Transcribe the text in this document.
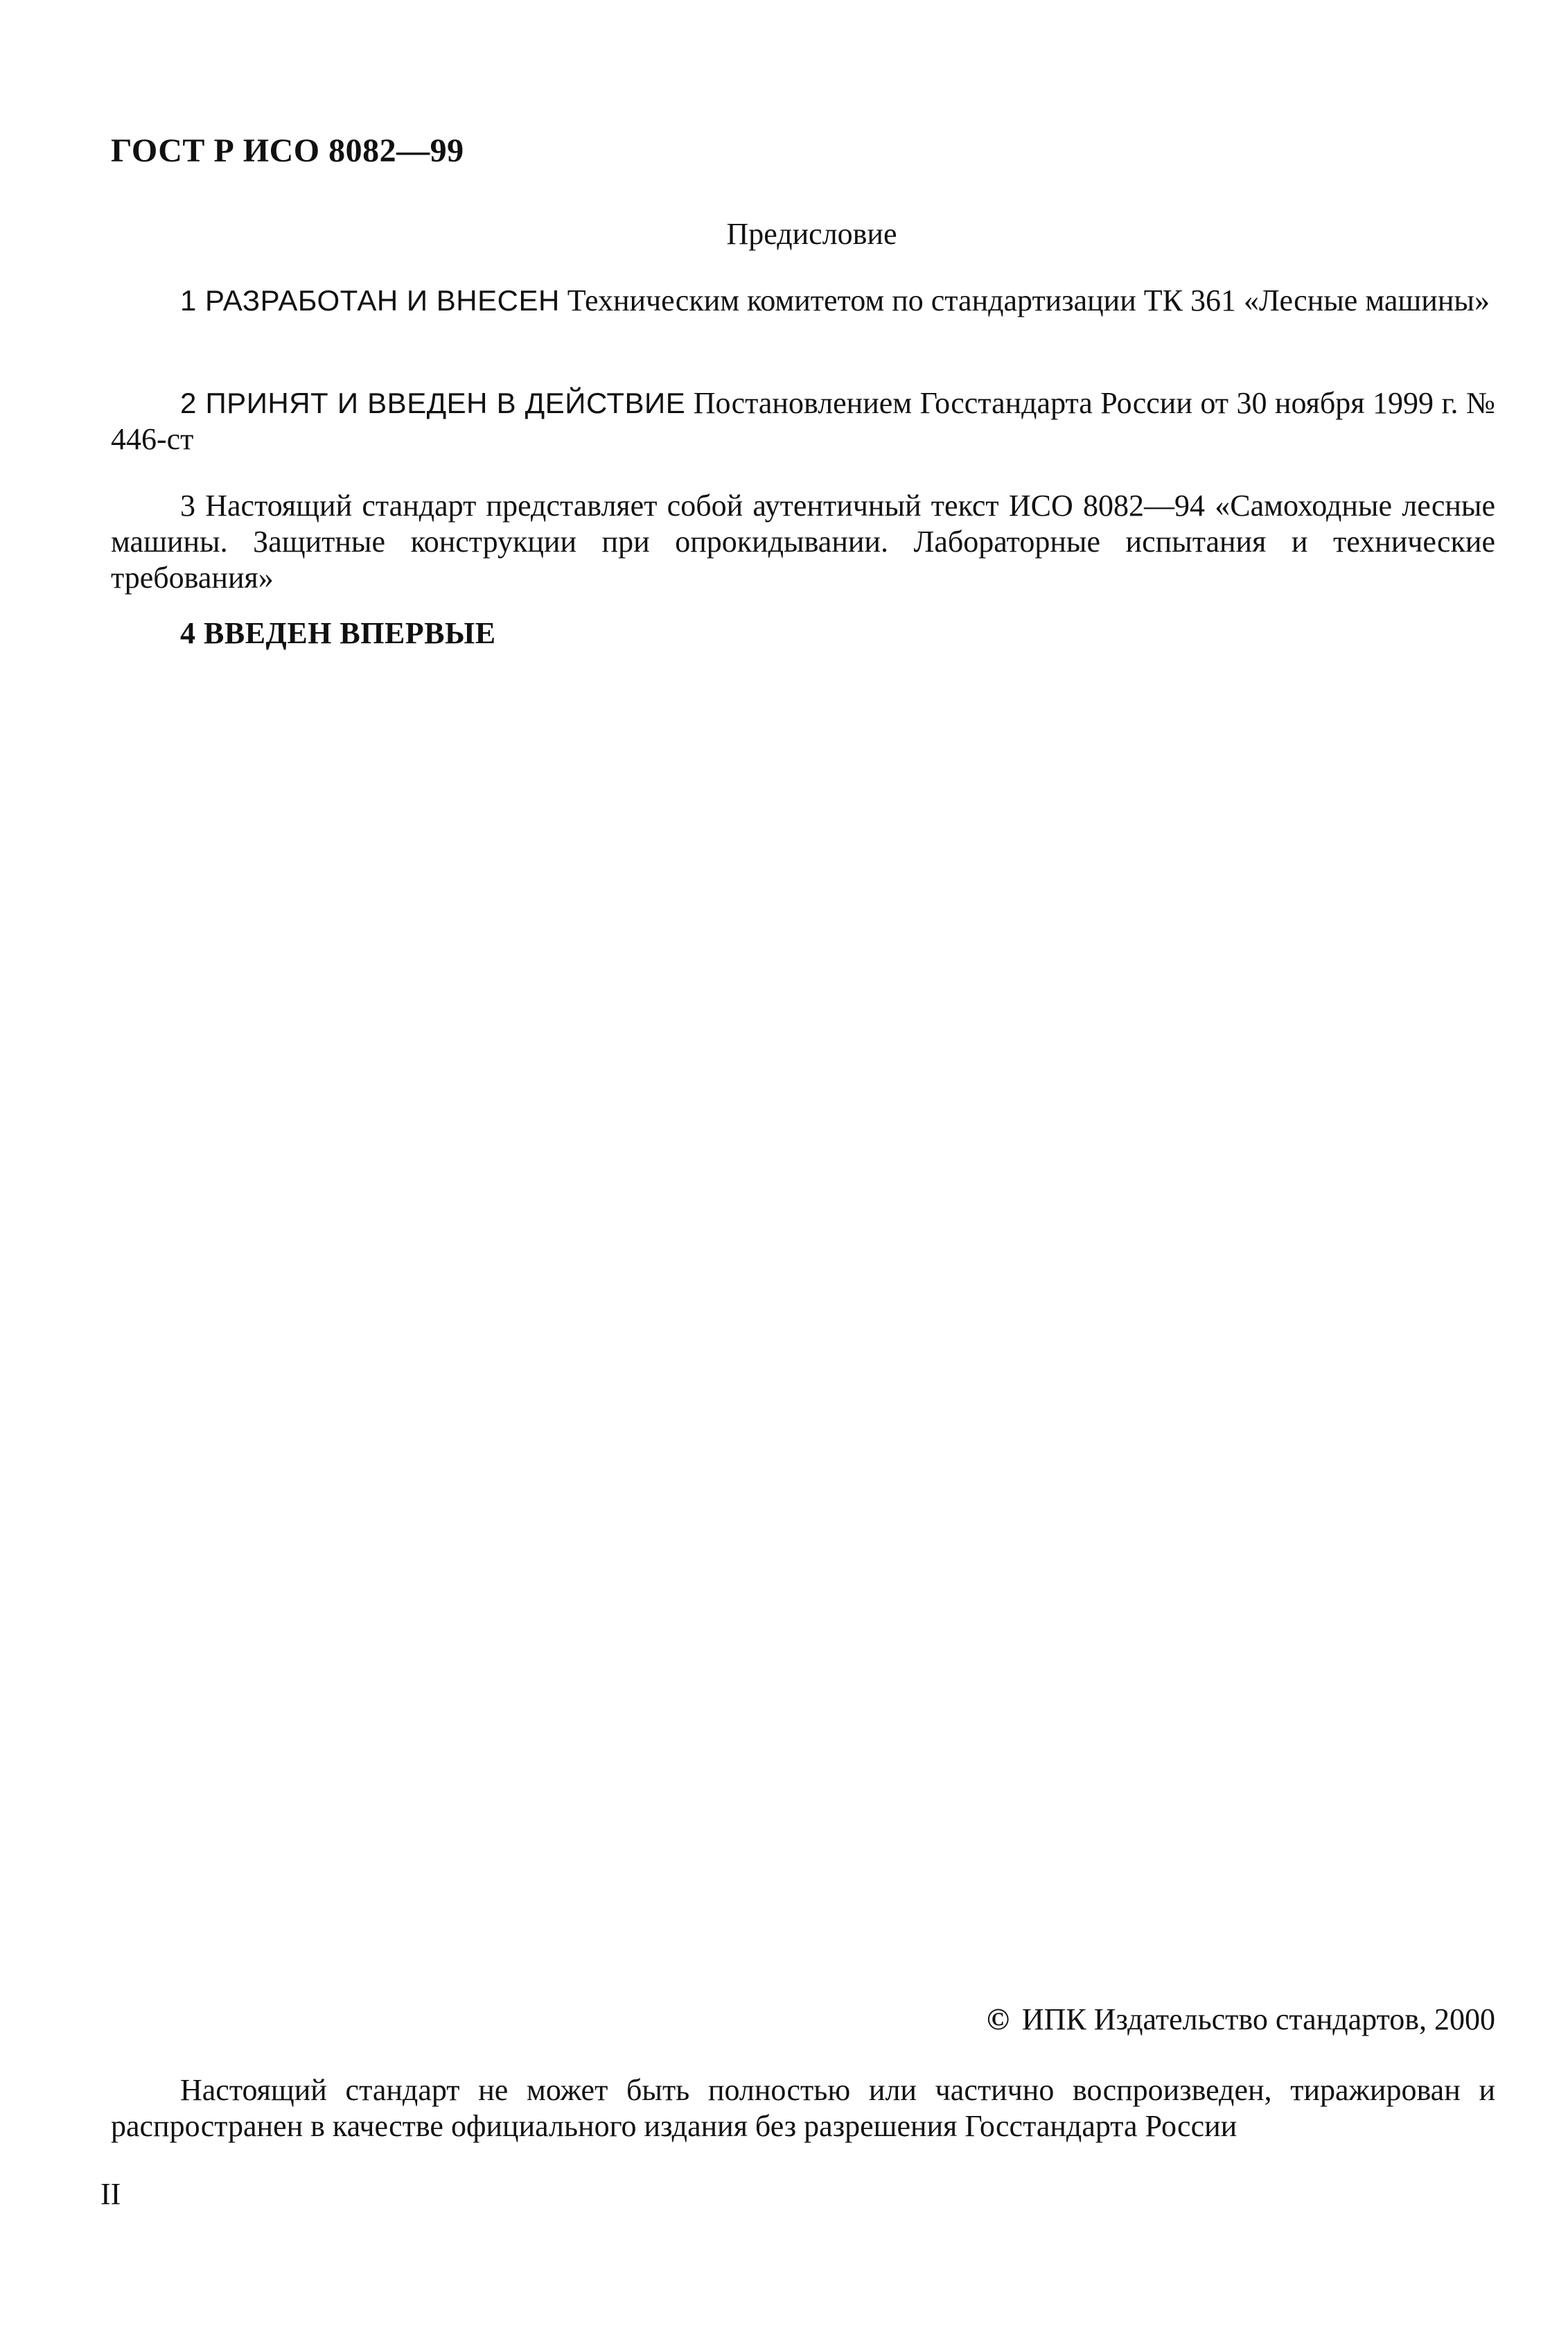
ГОСТ Р ИСО 8082—99
Предисловие

1 РАЗРАБОТАН И ВНЕСЕН Техническим комитетом по стандартизации ТК 361 «Лесные машины»

2 ПРИНЯТ И ВВЕДЕН В ДЕЙСТВИЕ Постановлением Госстандарта России от 30 ноября 1999 г. № 446-ст

3 Настоящий стандарт представляет собой аутентичный текст ИСО 8082—94 «Самоходные лесные машины. Защитные конструкции при опрокидывании. Лабораторные испытания и технические требования»

4 ВВЕДЕН ВПЕРВЫЕ

© ИПК Издательство стандартов, 2000

Настоящий стандарт не может быть полностью или частично воспроизведен, тиражирован и распространен в качестве официального издания без разрешения Госстандарта России

II
